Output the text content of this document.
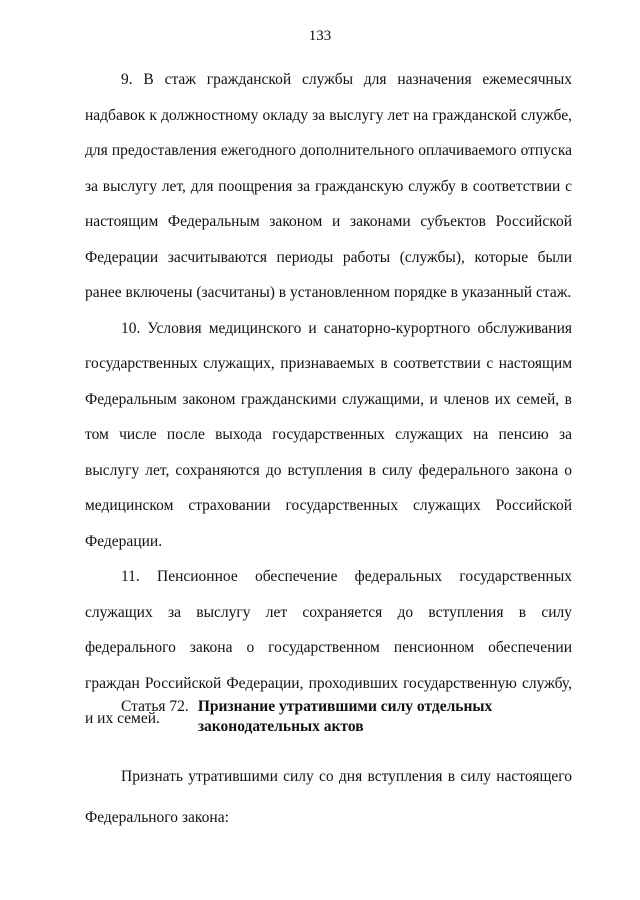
133

9. В стаж гражданской службы для назначения ежемесячных надбавок к должностному окладу за выслугу лет на гражданской службе, для предоставления ежегодного дополнительного оплачиваемого отпуска за выслугу лет, для поощрения за гражданскую службу в соответствии с настоящим Федеральным законом и законами субъектов Российской Федерации засчитываются периоды работы (службы), которые были ранее включены (засчитаны) в установленном порядке в указанный стаж.

10. Условия медицинского и санаторно-курортного обслуживания государственных служащих, признаваемых в соответствии с настоящим Федеральным законом гражданскими служащими, и членов их семей, в том числе после выхода государственных служащих на пенсию за выслугу лет, сохраняются до вступления в силу федерального закона о медицинском страховании государственных служащих Российской Федерации.

11. Пенсионное обеспечение федеральных государственных служащих за выслугу лет сохраняется до вступления в силу федерального закона о государственном пенсионном обеспечении граждан Российской Федерации, проходивших государственную службу, и их семей.

Статья 72. Признание утратившими силу отдельных законодательных актов

Признать утратившими силу со дня вступления в силу настоящего Федерального закона:
